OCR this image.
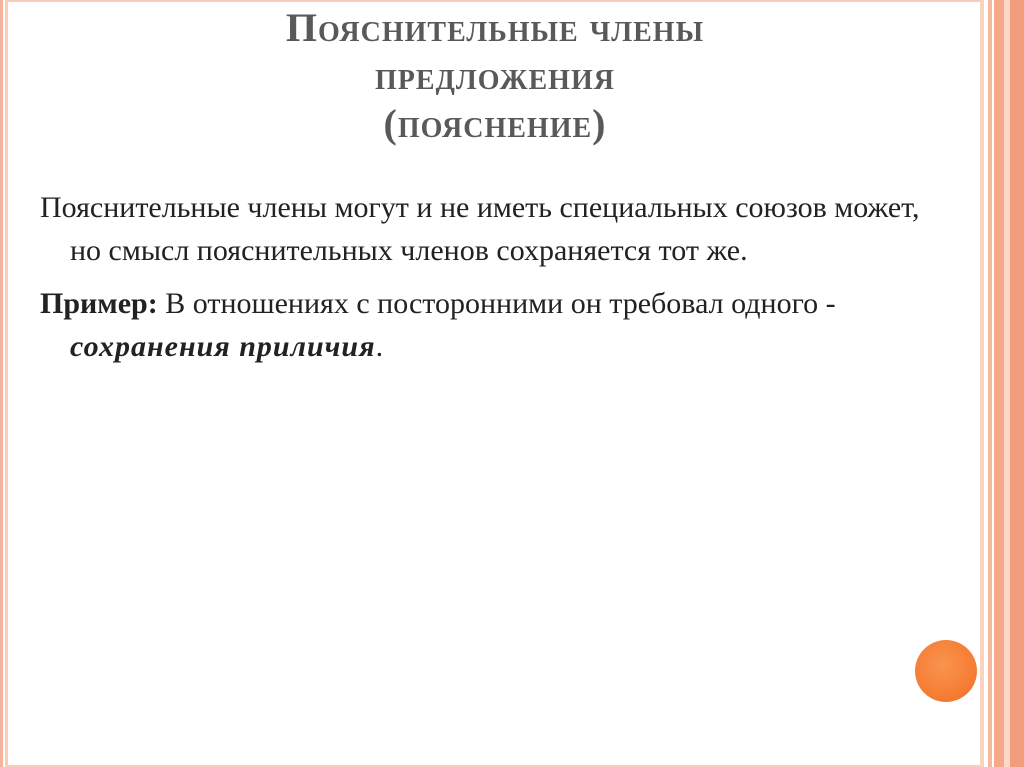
Пояснительные члены
предложения
(пояснение)

Пояснительные члены могут и не иметь специальных союзов может, но смысл пояснительных членов сохраняется тот же.

Пример: В отношениях с посторонними он требовал одного - сохранения приличия.
